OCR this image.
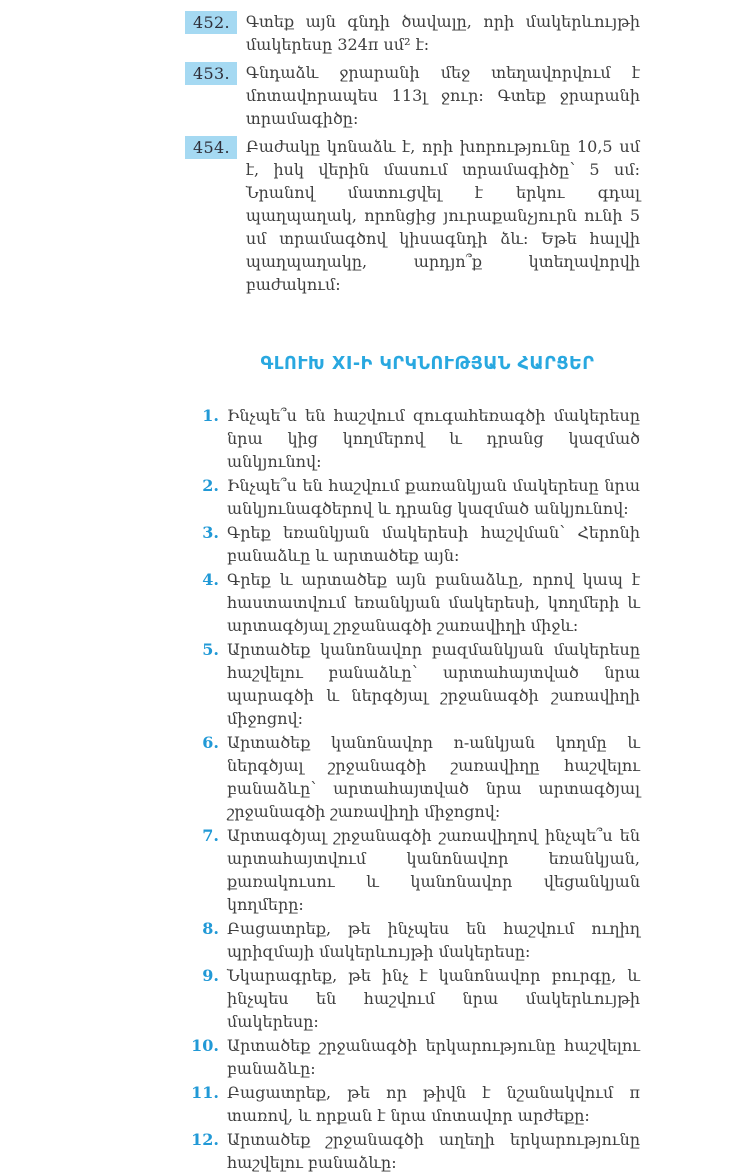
452.	Գտեք այն գնդի ծավալը, որի մակերևույթի մակերեսը 324π սմ² է:
453.	Գնդաձև ջրարանի մեջ տեղավորվում է մոտավորապես 113լ ջուր: Գտեք ջրարանի տրամագիծը:
454.	Բաժակը կոնաձև է, որի խորությունը 10,5 սմ է, իսկ վերին մասում տրամագիծը՝ 5 սմ: Նրանով մատուցվել է երկու գդալ պաղպաղակ, որոնցից յուրաքանչյուրն ունի 5 սմ տրամագծով կիսագնդի ձև: Եթե հալվի պաղպաղակը, արդյո՞ք կտեղավորվի բաժակում:
ԳԼՈՒԽ XI-Ի ԿՐԿՆՈՒԹՅԱՆ ՀԱՐՑԵՐ
1. Ինչպե՞ս են հաշվում զուգահեռագծի մակերեսը նրա կից կողմերով և դրանց կազմած անկյունով:
2. Ինչպե՞ս են հաշվում քառանկյան մակերեսը նրա անկյունագծերով և դրանց կազմած անկյունով:
3. Գրեք եռանկյան մակերեսի հաշվման՝ Հերոնի բանաձևը և արտածեք այն:
4. Գրեք և արտածեք այն բանաձևը, որով կապ է հաստատվում եռանկյան մակերեսի, կողմերի և արտագծյալ շրջանագծի շառավիղի միջև:
5. Արտածեք կանոնավոր բազմանկյան մակերեսը հաշվելու բանաձևը՝ արտահայտված նրա պարագծի և ներգծյալ շրջանագծի շառավիղի միջոցով:
6. Արտածեք կանոնավոր n-անկյան կողմը և ներգծյալ շրջանագծի շառավիղը հաշվելու բանաձևը՝ արտահայտված նրա արտագծյալ շրջանագծի շառավիղի միջոցով:
7. Արտագծյալ շրջանագծի շառավիղով ինչպե՞ս են արտահայտվում կանոնավոր եռանկյան, քառակուսու և կանոնավոր վեցանկյան կողմերը:
8. Բացատրեք, թե ինչպես են հաշվում ուղիղ պրիզմայի մակերևույթի մակերեսը:
9. Նկարագրեք, թե ինչ է կանոնավոր բուրգը, և ինչպես են հաշվում նրա մակերևույթի մակերեսը:
10. Արտածեք շրջանագծի երկարությունը հաշվելու բանաձևը:
11. Բացատրեք, թե որ թիվն է նշանակվում π տառով, և որքան է նրա մոտավոր արժեքը:
12. Արտածեք շրջանագծի աղեղի երկարությունը հաշվելու բանաձևը:
